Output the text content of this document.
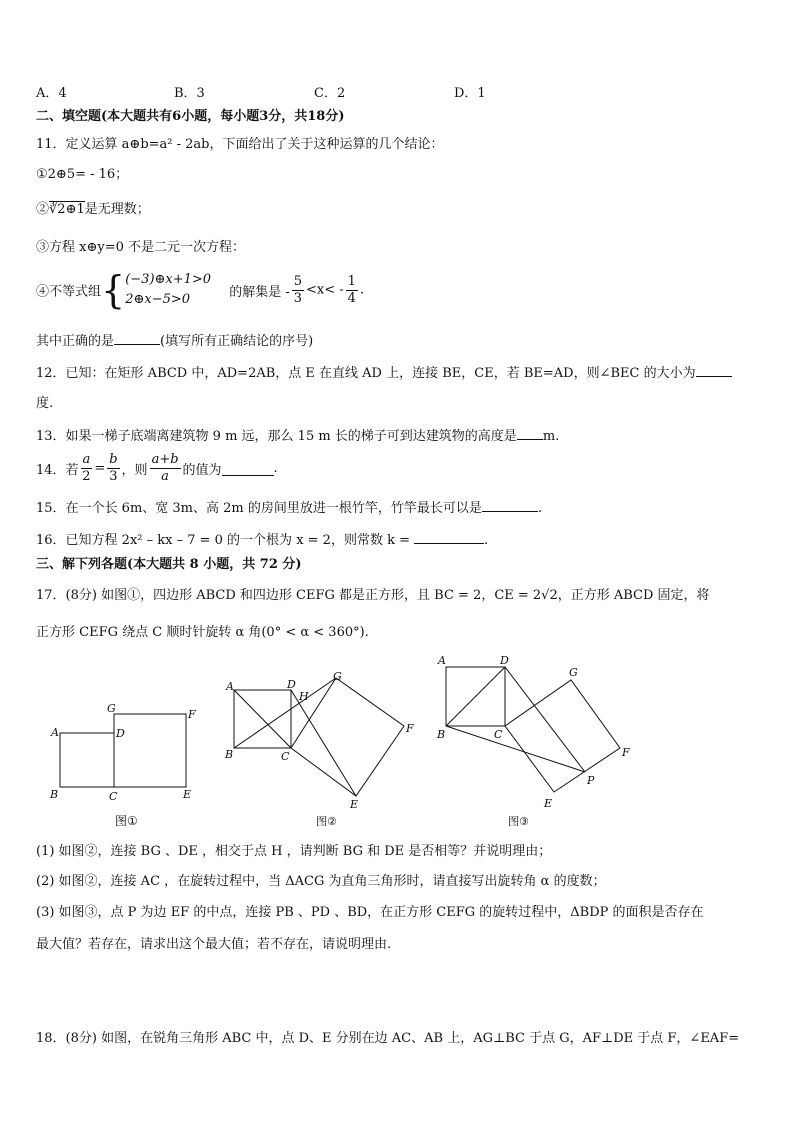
A．4	B．3	C．2	D．1
二、填空题(本大题共有6小题，每小题3分，共18分)
11．定义运算 a⊕b=a² - 2ab，下面给出了关于这种运算的几个结论：
①2⊕5= - 16；
②∛2⊕1是无理数；
③方程 x⊕y=0 不是二元一次方程：
④不等式组{ (−3)⊕x+1>0
2⊕x−5>0	的解集是 - $\frac{5}{3} <x< - \frac{1}{4}$ .
其中正确的是	(填写所有正确结论的序号)
12．已知：在矩形 ABCD 中，AD=2AB，点 E 在直线 AD 上，连接 BE，CE，若 BE=AD，则∠BEC 的大小为
度.
13．如果一梯子底端离建筑物 9 m 远，那么 15 m 长的梯子可到达建筑物的高度是 m.
14．若 $\frac{a}{2} = \frac{b}{3}$ ，则 $\frac{a+b}{a}$ 的值为	.
15．在一个长 6m、宽 3m、高 2m 的房间里放进一根竹竿，竹竿最长可以是	.
16．已知方程 2x² – kx – 7 = 0 的一个根为 x = 2，则常数 k =	.
三、解下列各题(本大题共 8 小题，共 72 分)
17．(8分) 如图①，四边形 ABCD 和四边形 CEFG 都是正方形，且 BC = 2，CE = 2√2，正方形 ABCD 固定，将
正方形 CEFG 绕点 C 顺时针旋转 α 角(0° < α < 360°).
A	D
G	F
B	C	E
图①
A	D
H
G
F
B	C
E
图②
A	D
G
F
B	C
P
E
图③
(1) 如图②，连接 BG 、DE ，相交于点 H ，请判断 BG 和 DE 是否相等？并说明理由；
(2) 如图②，连接 AC ，在旋转过程中，当 ΔACG 为直角三角形时，请直接写出旋转角 α 的度数；
(3) 如图③，点 P 为边 EF 的中点，连接 PB 、PD 、BD，在正方形 CEFG 的旋转过程中，ΔBDP 的面积是否存在
最大值？若存在，请求出这个最大值；若不存在，请说明理由.
18．(8分) 如图，在锐角三角形 ABC 中，点 D、E 分别在边 AC、AB 上，AG⊥BC 于点 G，AF⊥DE 于点 F，∠EAF=
